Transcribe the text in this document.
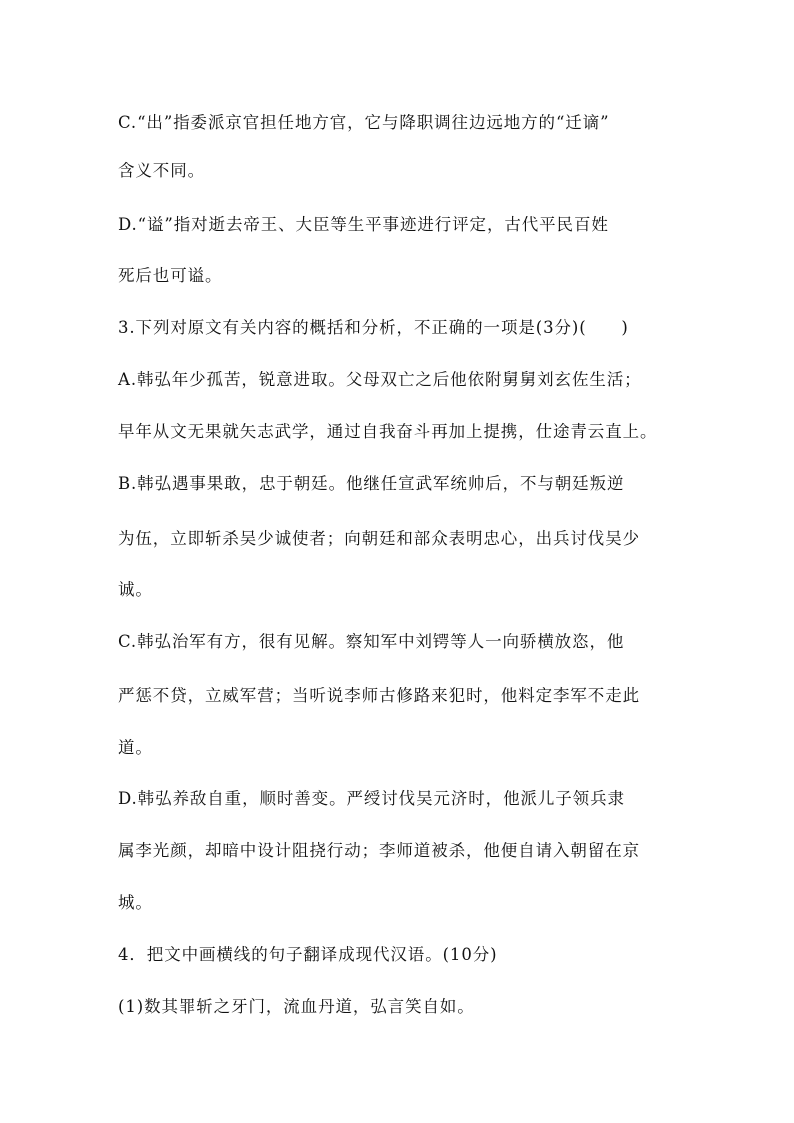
C.“出”指委派京官担任地方官，它与降职调往边远地方的“迁谪”
含义不同。
D.“谥”指对逝去帝王、大臣等生平事迹进行评定，古代平民百姓
死后也可谥。
3.下列对原文有关内容的概括和分析，不正确的一项是(3分)(　　)
A.韩弘年少孤苦，锐意进取。父母双亡之后他依附舅舅刘玄佐生活；
早年从文无果就矢志武学，通过自我奋斗再加上提携，仕途青云直上。
B.韩弘遇事果敢，忠于朝廷。他继任宣武军统帅后，不与朝廷叛逆
为伍，立即斩杀吴少诚使者；向朝廷和部众表明忠心，出兵讨伐吴少
诚。
C.韩弘治军有方，很有见解。察知军中刘锷等人一向骄横放恣，他
严惩不贷，立威军营；当听说李师古修路来犯时，他料定李军不走此
道。
D.韩弘养敌自重，顺时善变。严绶讨伐吴元济时，他派儿子领兵隶
属李光颜，却暗中设计阻挠行动；李师道被杀，他便自请入朝留在京
城。
4．把文中画横线的句子翻译成现代汉语。(10分)
(1)数其罪斩之牙门，流血丹道，弘言笑自如。
